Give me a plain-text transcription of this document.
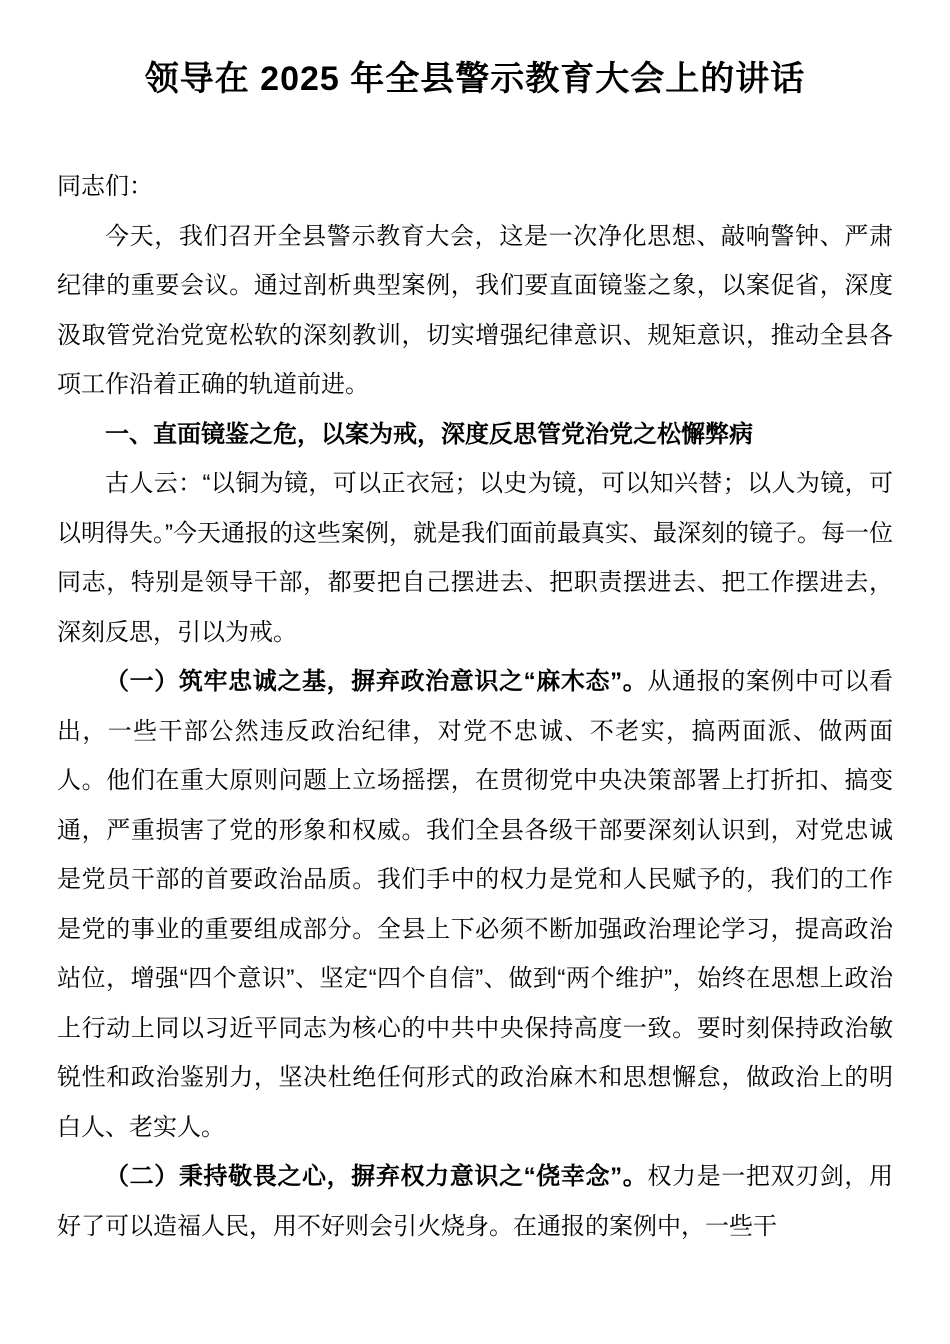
领导在 2025 年全县警示教育大会上的讲话

同志们：

今天，我们召开全县警示教育大会，这是一次净化思想、敲响警钟、严肃纪律的重要会议。通过剖析典型案例，我们要直面镜鉴之象，以案促省，深度汲取管党治党宽松软的深刻教训，切实增强纪律意识、规矩意识，推动全县各项工作沿着正确的轨道前进。

一、直面镜鉴之危，以案为戒，深度反思管党治党之松懈弊病

古人云：“以铜为镜，可以正衣冠；以史为镜，可以知兴替；以人为镜，可以明得失。”今天通报的这些案例，就是我们面前最真实、最深刻的镜子。每一位同志，特别是领导干部，都要把自己摆进去、把职责摆进去、把工作摆进去，深刻反思，引以为戒。

（一）筑牢忠诚之基，摒弃政治意识之“麻木态”。从通报的案例中可以看出，一些干部公然违反政治纪律，对党不忠诚、不老实，搞两面派、做两面人。他们在重大原则问题上立场摇摆，在贯彻党中央决策部署上打折扣、搞变通，严重损害了党的形象和权威。我们全县各级干部要深刻认识到，对党忠诚是党员干部的首要政治品质。我们手中的权力是党和人民赋予的，我们的工作是党的事业的重要组成部分。全县上下必须不断加强政治理论学习，提高政治站位，增强“四个意识”、坚定“四个自信”、做到“两个维护”，始终在思想上政治上行动上同以习近平同志为核心的中共中央保持高度一致。要时刻保持政治敏锐性和政治鉴别力，坚决杜绝任何形式的政治麻木和思想懈怠，做政治上的明白人、老实人。

（二）秉持敬畏之心，摒弃权力意识之“侥幸念”。权力是一把双刃剑，用好了可以造福人民，用不好则会引火烧身。在通报的案例中，一些干
